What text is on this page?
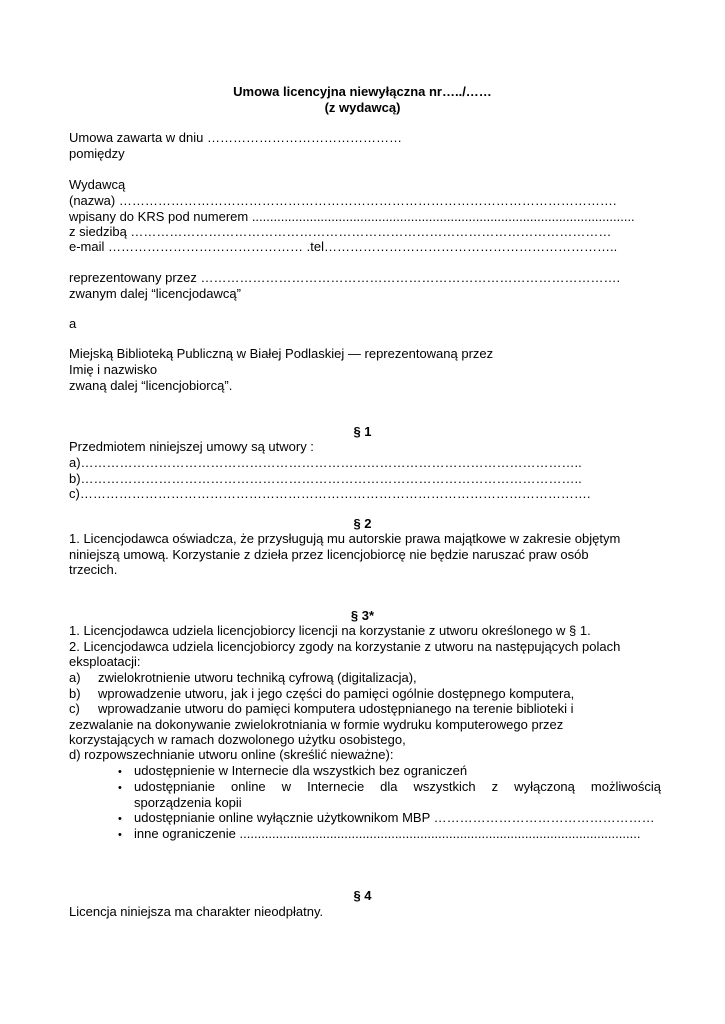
Umowa licencyjna niewyłączna nr…../……
(z wydawcą)
Umowa zawarta w dniu ………………………………………
pomiędzy
Wydawcą
(nazwa) …………………………………………………………………………………………………….
wpisany do KRS pod numerem ..........................................................................................................
z siedzibą …………………………………………………………………………………………………
e-mail ……………………………………… .tel…………………………………………………………..
reprezentowany przez …………………………………………………………………………………….
zwanym dalej “licencjodawcą”
a
Miejską Biblioteką Publiczną w Białej Podlaskiej — reprezentowaną przez
Imię i nazwisko
zwaną dalej “licencjobiorcą”.
§ 1
Przedmiotem niniejszej umowy są utwory :
a)……………………………………………………………………………………………………..
b)……………………………………………………………………………………………………..
c)……………………………………………………………………………………………………….
§ 2
1. Licencjodawca oświadcza, że przysługują mu autorskie prawa majątkowe w zakresie objętym
niniejszą umową. Korzystanie z dzieła przez licencjobiorcę nie będzie naruszać praw osób
trzecich.
§ 3*
1. Licencjodawca udziela licencjobiorcy licencji na korzystanie z utworu określonego w § 1.
2. Licencjodawca udziela licencjobiorcy zgody na korzystanie z utworu na następujących polach
eksploatacji:
a) zwielokrotnienie utworu techniką cyfrową (digitalizacja),
b) wprowadzenie utworu, jak i jego części do pamięci ogólnie dostępnego komputera,
c) wprowadzanie utworu do pamięci komputera udostępnianego na terenie biblioteki i
zezwalanie na dokonywanie zwielokrotniania w formie wydruku komputerowego przez
korzystających w ramach dozwolonego użytku osobistego,
d) rozpowszechnianie utworu online (skreślić nieważne):
• udostępnienie w Internecie dla wszystkich bez ograniczeń
• udostępnianie online w Internecie dla wszystkich z wyłączoną możliwością
sporządzenia kopii
• udostępnianie online wyłącznie użytkownikom MBP ……………………………………………
• inne ograniczenie ...............................................................................................................
§ 4
Licencja niniejsza ma charakter nieodpłatny.
